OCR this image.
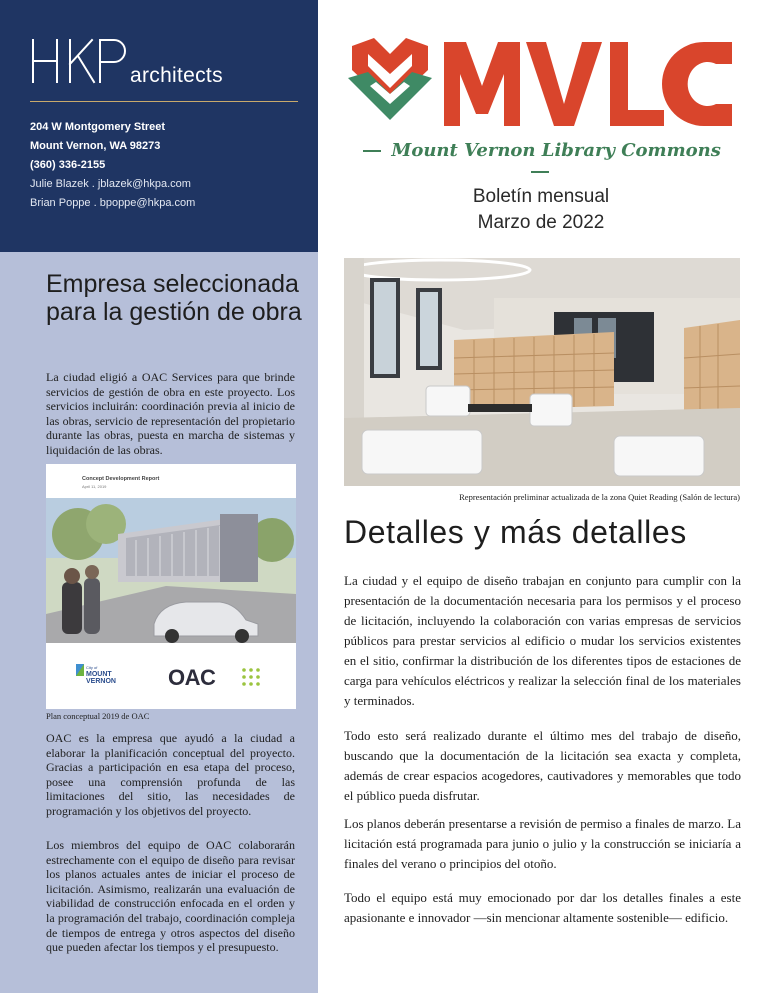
architects
204 W Montgomery Street
Mount Vernon, WA 98273
(360) 336-2155
Julie Blazek . jblazek@hkpa.com
Brian Poppe . bpoppe@hkpa.com
Empresa seleccionada para la gestión de obra

La ciudad eligió a OAC Services para que brinde servicios de gestión de obra en este proyecto. Los servicios incluirán: coordinación previa al inicio de las obras, servicio de representación del propietario durante las obras, puesta en marcha de sistemas y liquidación de las obras.

Concept Development Report
April 11, 2019
City of
MOUNT
VERNON OAC
Plan conceptual 2019 de OAC

OAC es la empresa que ayudó a la ciudad a elaborar la planificación conceptual del proyecto. Gracias a participación en esa etapa del proceso, posee una comprensión profunda de las limitaciones del sitio, las necesidades de programación y los objetivos del proyecto.

Los miembros del equipo de OAC colaborarán estrechamente con el equipo de diseño para revisar los planos actuales antes de iniciar el proceso de licitación. Asimismo, realizarán una evaluación de viabilidad de construcción enfocada en el orden y la programación del trabajo, coordinación compleja de tiempos de entrega y otros aspectos del diseño que pueden afectar los tiempos y el presupuesto.

Mount Vernon Library Commons
Boletín mensual
Marzo de 2022
Representación preliminar actualizada de la zona Quiet Reading (Salón de lectura)
Detalles y más detalles

La ciudad y el equipo de diseño trabajan en conjunto para cumplir con la presentación de la documentación necesaria para los permisos y el proceso de licitación, incluyendo la colaboración con varias empresas de servicios públicos para prestar servicios al edificio o mudar los servicios existentes en el sitio, confirmar la distribución de los diferentes tipos de estaciones de carga para vehículos eléctricos y realizar la selección final de los materiales y terminados.

Todo esto será realizado durante el último mes del trabajo de diseño, buscando que la documentación de la licitación sea exacta y completa, además de crear espacios acogedores, cautivadores y memorables que todo el público pueda disfrutar.

Los planos deberán presentarse a revisión de permiso a finales de marzo. La licitación está programada para junio o julio y la construcción se iniciaría a finales del verano o principios del otoño.

Todo el equipo está muy emocionado por dar los detalles finales a este apasionante e innovador —sin mencionar altamente sostenible— edificio.
